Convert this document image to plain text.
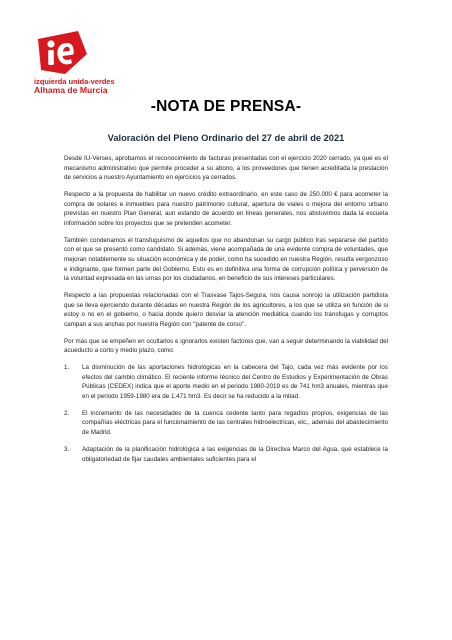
izquierda unida-verdes
Alhama de Murcia
-NOTA DE PRENSA-
Valoración del Pleno Ordinario del 27 de abril de 2021

Desde IU-Verses, aprobamos el reconocimiento de facturas presentadas con el ejercicio 2020 cerrado, ya que es el mecanismo administrativo que permite proceder a su abono, a los proveedores que tienen acreditada la prestación de servicios a nuestro Ayuntamiento en ejercicios ya cerrados.

Respecto a la propuesta de habilitar un nuevo crédito extraordinario, en este caso de 250.000 € para acometer la compra de solares e inmuebles para nuestro patrimonio cultural, apertura de viales o mejora del entorno urbano previstas en nuestro Plan General, aun estando de acuerdo en líneas generales, nos abstuvimos dada la escueta información sobre los proyectos que se pretenden acometer.

También condenamos el transfuguismo de aquellos que no abandonan su cargo público tras separarse del partido con el que se presentó como candidato. Si además, viene acompañada de una evidente compra de voluntades, que mejoran notablemente su situación económica y de poder, como ha sucedido en nuestra Región, resulta vergonzoso e indignante, que formen parte del Gobierno. Esto es en definitiva una forma de corrupción política y perversión de la voluntad expresada en las urnas por los ciudadanos, en beneficio de sus intereses particulares.

Respecto a las propuestas relacionadas con el Trasvase Tajos-Segura, nos causa sonrojo la utilización partidista que se lleva ejerciendo durante décadas en nuestra Región de los agricultores, a los que se utiliza en función de si estoy o no en el gobierno, o hacia donde quiero desviar la atención mediática cuando los tránsfugas y corruptos campan a sus anchas por nuestra Región con "patente de corso".

Por más que se empeñen en ocultarlos e ignorarlos existen factores que, van a seguir determinando la viabilidad del acueducto a corto y medio plazo, como:

1. La disminución de las aportaciones hidrológicas en la cabecera del Tajo, cada vez más evidente por los efectos del cambio climático. El reciente informe técnico del Centro de Estudios y Experimentación de Obras Públicas (CEDEX) indica que el aporte medio en el periodo 1980-2019 es de 741 hm3 anuales, mientras que en el periodo 1959-1980 era de 1.471 hm3. Es decir se ha reducido a la mitad.
2. El incremento de las necesidades de la cuenca cedente tanto para regadíos propios, exigencias de las compañías eléctricas para el funcionamiento de las centrales hidroelectricas, etc., además del abastecimiento de Madrid.
3. Adaptación de la planificación hidrológica a las exigencias de la Directiva Marco del Agua, que establece la obligatoriedad de fijar caudales ambientales suficientes para el
